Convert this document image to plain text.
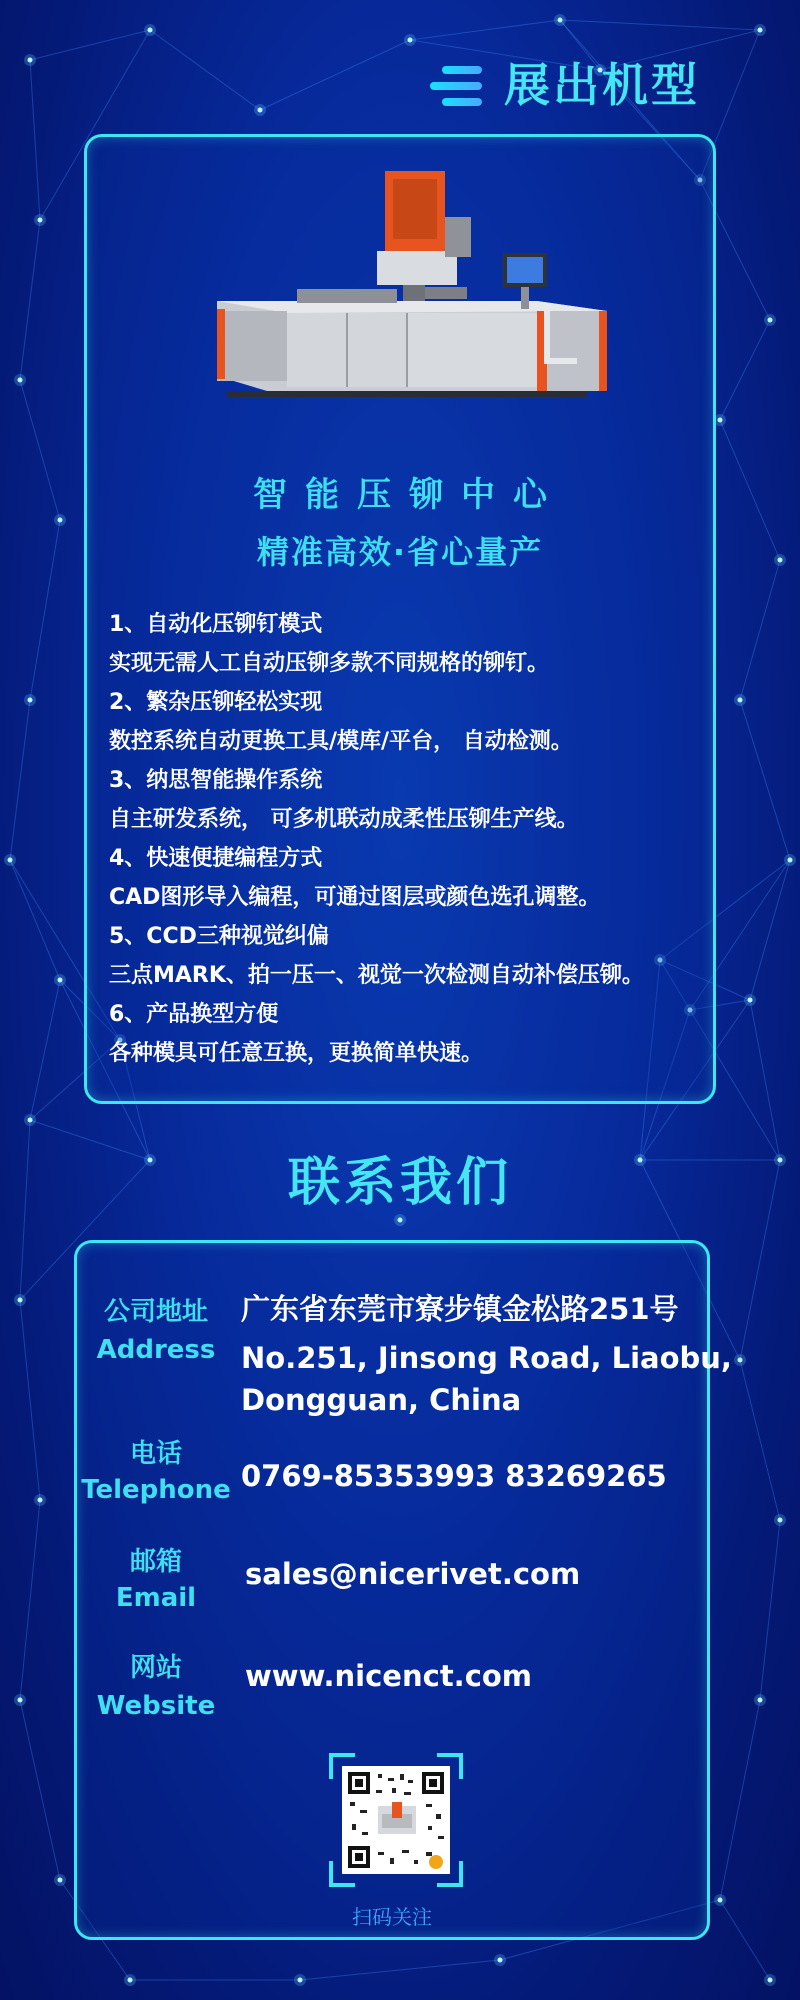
展出机型
智能压铆中心
精准高效·省心量产
1、自动化压铆钉模式
实现无需人工自动压铆多款不同规格的铆钉。
2、繁杂压铆轻松实现
数控系统自动更换工具/模库/平台， 自动检测。
3、纳思智能操作系统
自主研发系统， 可多机联动成柔性压铆生产线。
4、快速便捷编程方式
CAD图形导入编程，可通过图层或颜色选孔调整。
5、CCD三种视觉纠偏
三点MARK、拍一压一、视觉一次检测自动补偿压铆。
6、产品换型方便
各种模具可任意互换，更换简单快速。
联系我们
公司地址
Address
广东省东莞市寮步镇金松路251号
No.251, Jinsong Road, Liaobu,
Dongguan, China
电话
Telephone 0769-85353993 83269265
邮箱
Email
sales@nicerivet.com
网站
Website
www.nicenct.com
扫码关注
